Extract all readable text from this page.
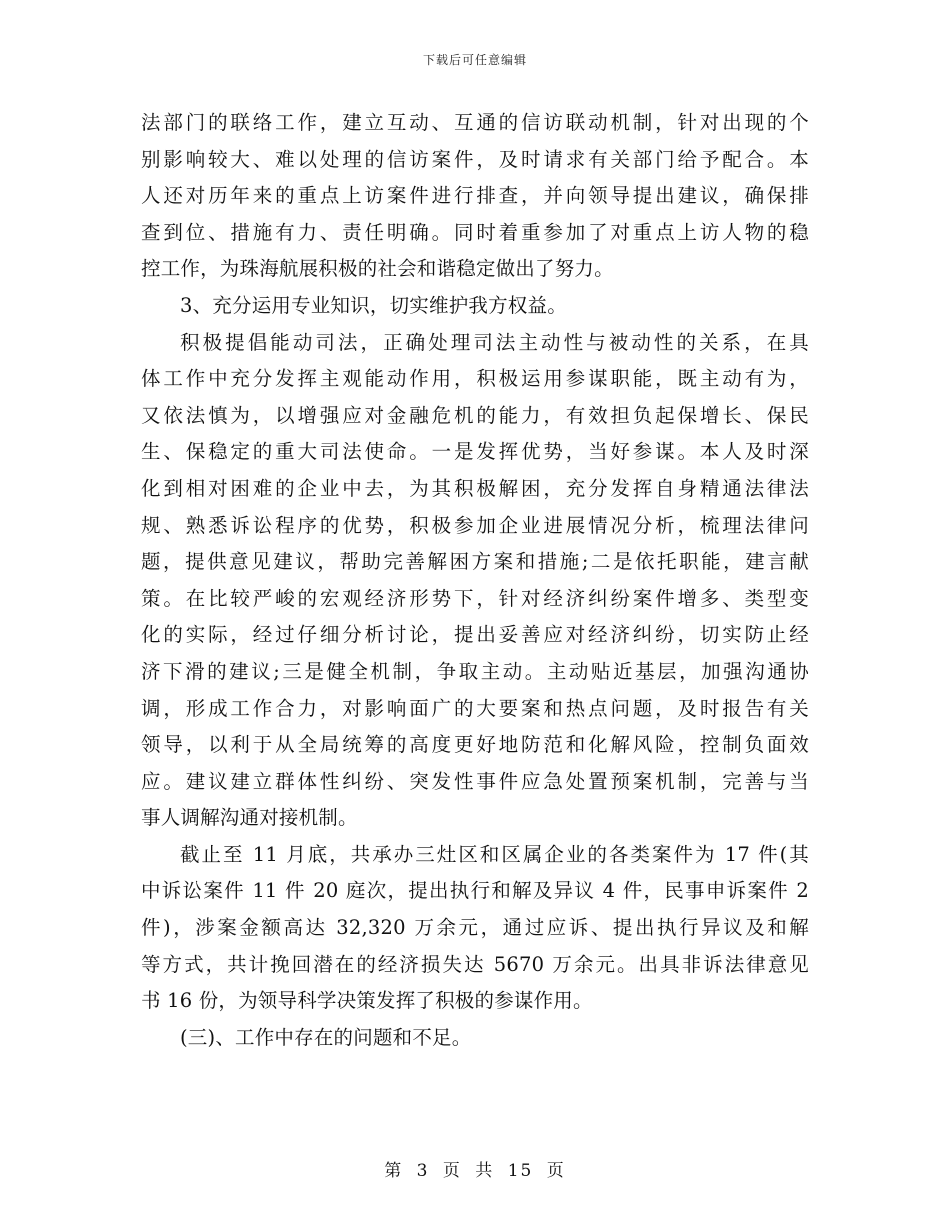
下载后可任意编辑
法部门的联络工作，建立互动、互通的信访联动机制，针对出现的个
别影响较大、难以处理的信访案件，及时请求有关部门给予配合。本
人还对历年来的重点上访案件进行排查，并向领导提出建议，确保排
查到位、措施有力、责任明确。同时着重参加了对重点上访人物的稳
控工作，为珠海航展积极的社会和谐稳定做出了努力。
3、充分运用专业知识，切实维护我方权益。
积极提倡能动司法，正确处理司法主动性与被动性的关系，在具
体工作中充分发挥主观能动作用，积极运用参谋职能，既主动有为，
又依法慎为，以增强应对金融危机的能力，有效担负起保增长、保民
生、保稳定的重大司法使命。一是发挥优势，当好参谋。本人及时深
化到相对困难的企业中去，为其积极解困，充分发挥自身精通法律法
规、熟悉诉讼程序的优势，积极参加企业进展情况分析，梳理法律问
题，提供意见建议，帮助完善解困方案和措施;二是依托职能，建言献
策。在比较严峻的宏观经济形势下，针对经济纠纷案件增多、类型变
化的实际，经过仔细分析讨论，提出妥善应对经济纠纷，切实防止经
济下滑的建议;三是健全机制，争取主动。主动贴近基层，加强沟通协
调，形成工作合力，对影响面广的大要案和热点问题，及时报告有关
领导，以利于从全局统筹的高度更好地防范和化解风险，控制负面效
应。建议建立群体性纠纷、突发性事件应急处置预案机制，完善与当
事人调解沟通对接机制。
截止至 11 月底，共承办三灶区和区属企业的各类案件为 17 件(其
中诉讼案件 11 件 20 庭次，提出执行和解及异议 4 件，民事申诉案件 2
件)，涉案金额高达 32,320 万余元，通过应诉、提出执行异议及和解
等方式，共计挽回潜在的经济损失达 5670 万余元。出具非诉法律意见
书 16 份，为领导科学决策发挥了积极的参谋作用。
(三)、工作中存在的问题和不足。
第 3 页 共 15 页
